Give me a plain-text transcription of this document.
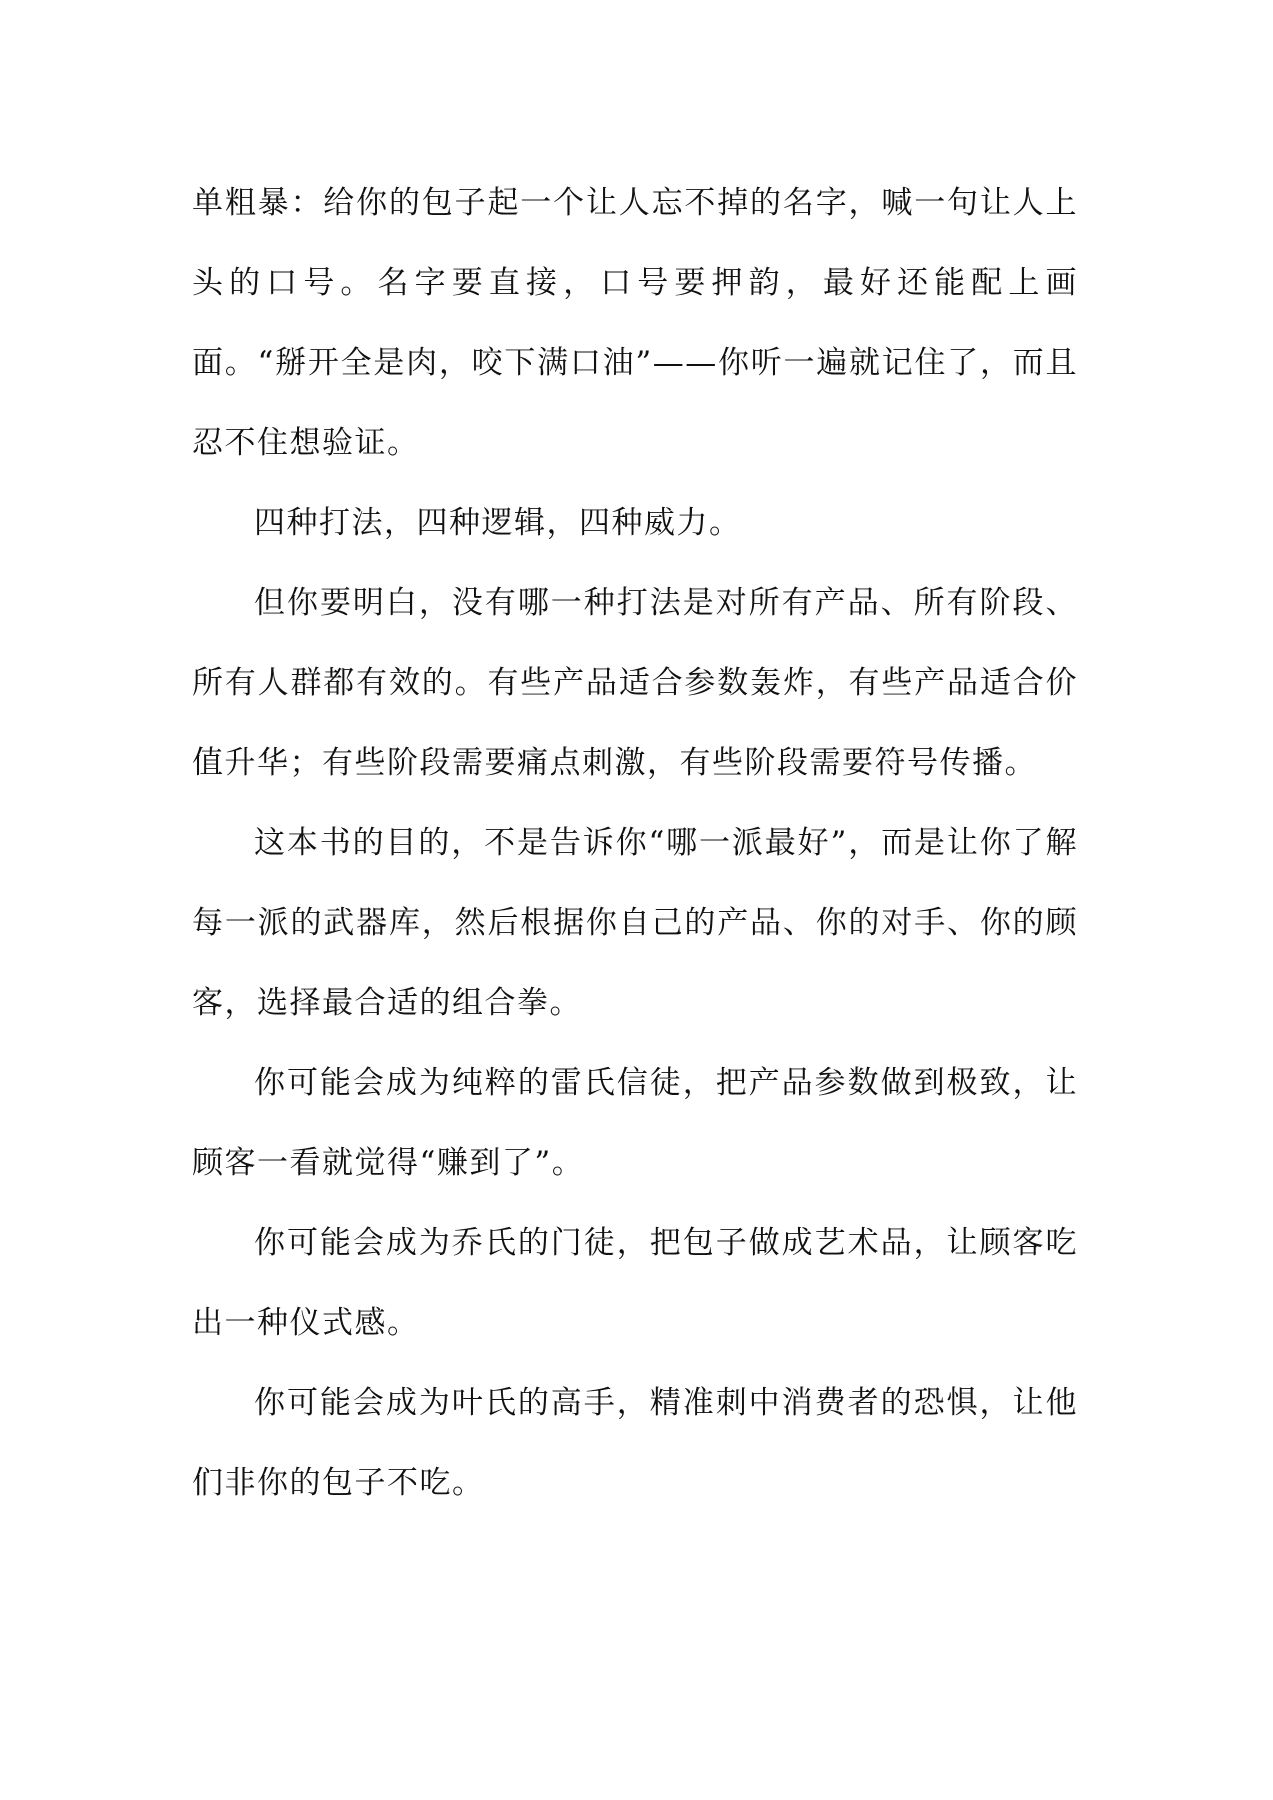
单粗暴：给你的包子起一个让人忘不掉的名字，喊一句让人上头的口号。名字要直接，口号要押韵，最好还能配上画面。“掰开全是肉，咬下满口油”——你听一遍就记住了，而且忍不住想验证。

四种打法，四种逻辑，四种威力。

但你要明白，没有哪一种打法是对所有产品、所有阶段、所有人群都有效的。有些产品适合参数轰炸，有些产品适合价值升华；有些阶段需要痛点刺激，有些阶段需要符号传播。

这本书的目的，不是告诉你“哪一派最好”，而是让你了解每一派的武器库，然后根据你自己的产品、你的对手、你的顾客，选择最合适的组合拳。

你可能会成为纯粹的雷氏信徒，把产品参数做到极致，让顾客一看就觉得“赚到了”。

你可能会成为乔氏的门徒，把包子做成艺术品，让顾客吃出一种仪式感。

你可能会成为叶氏的高手，精准刺中消费者的恐惧，让他们非你的包子不吃。
